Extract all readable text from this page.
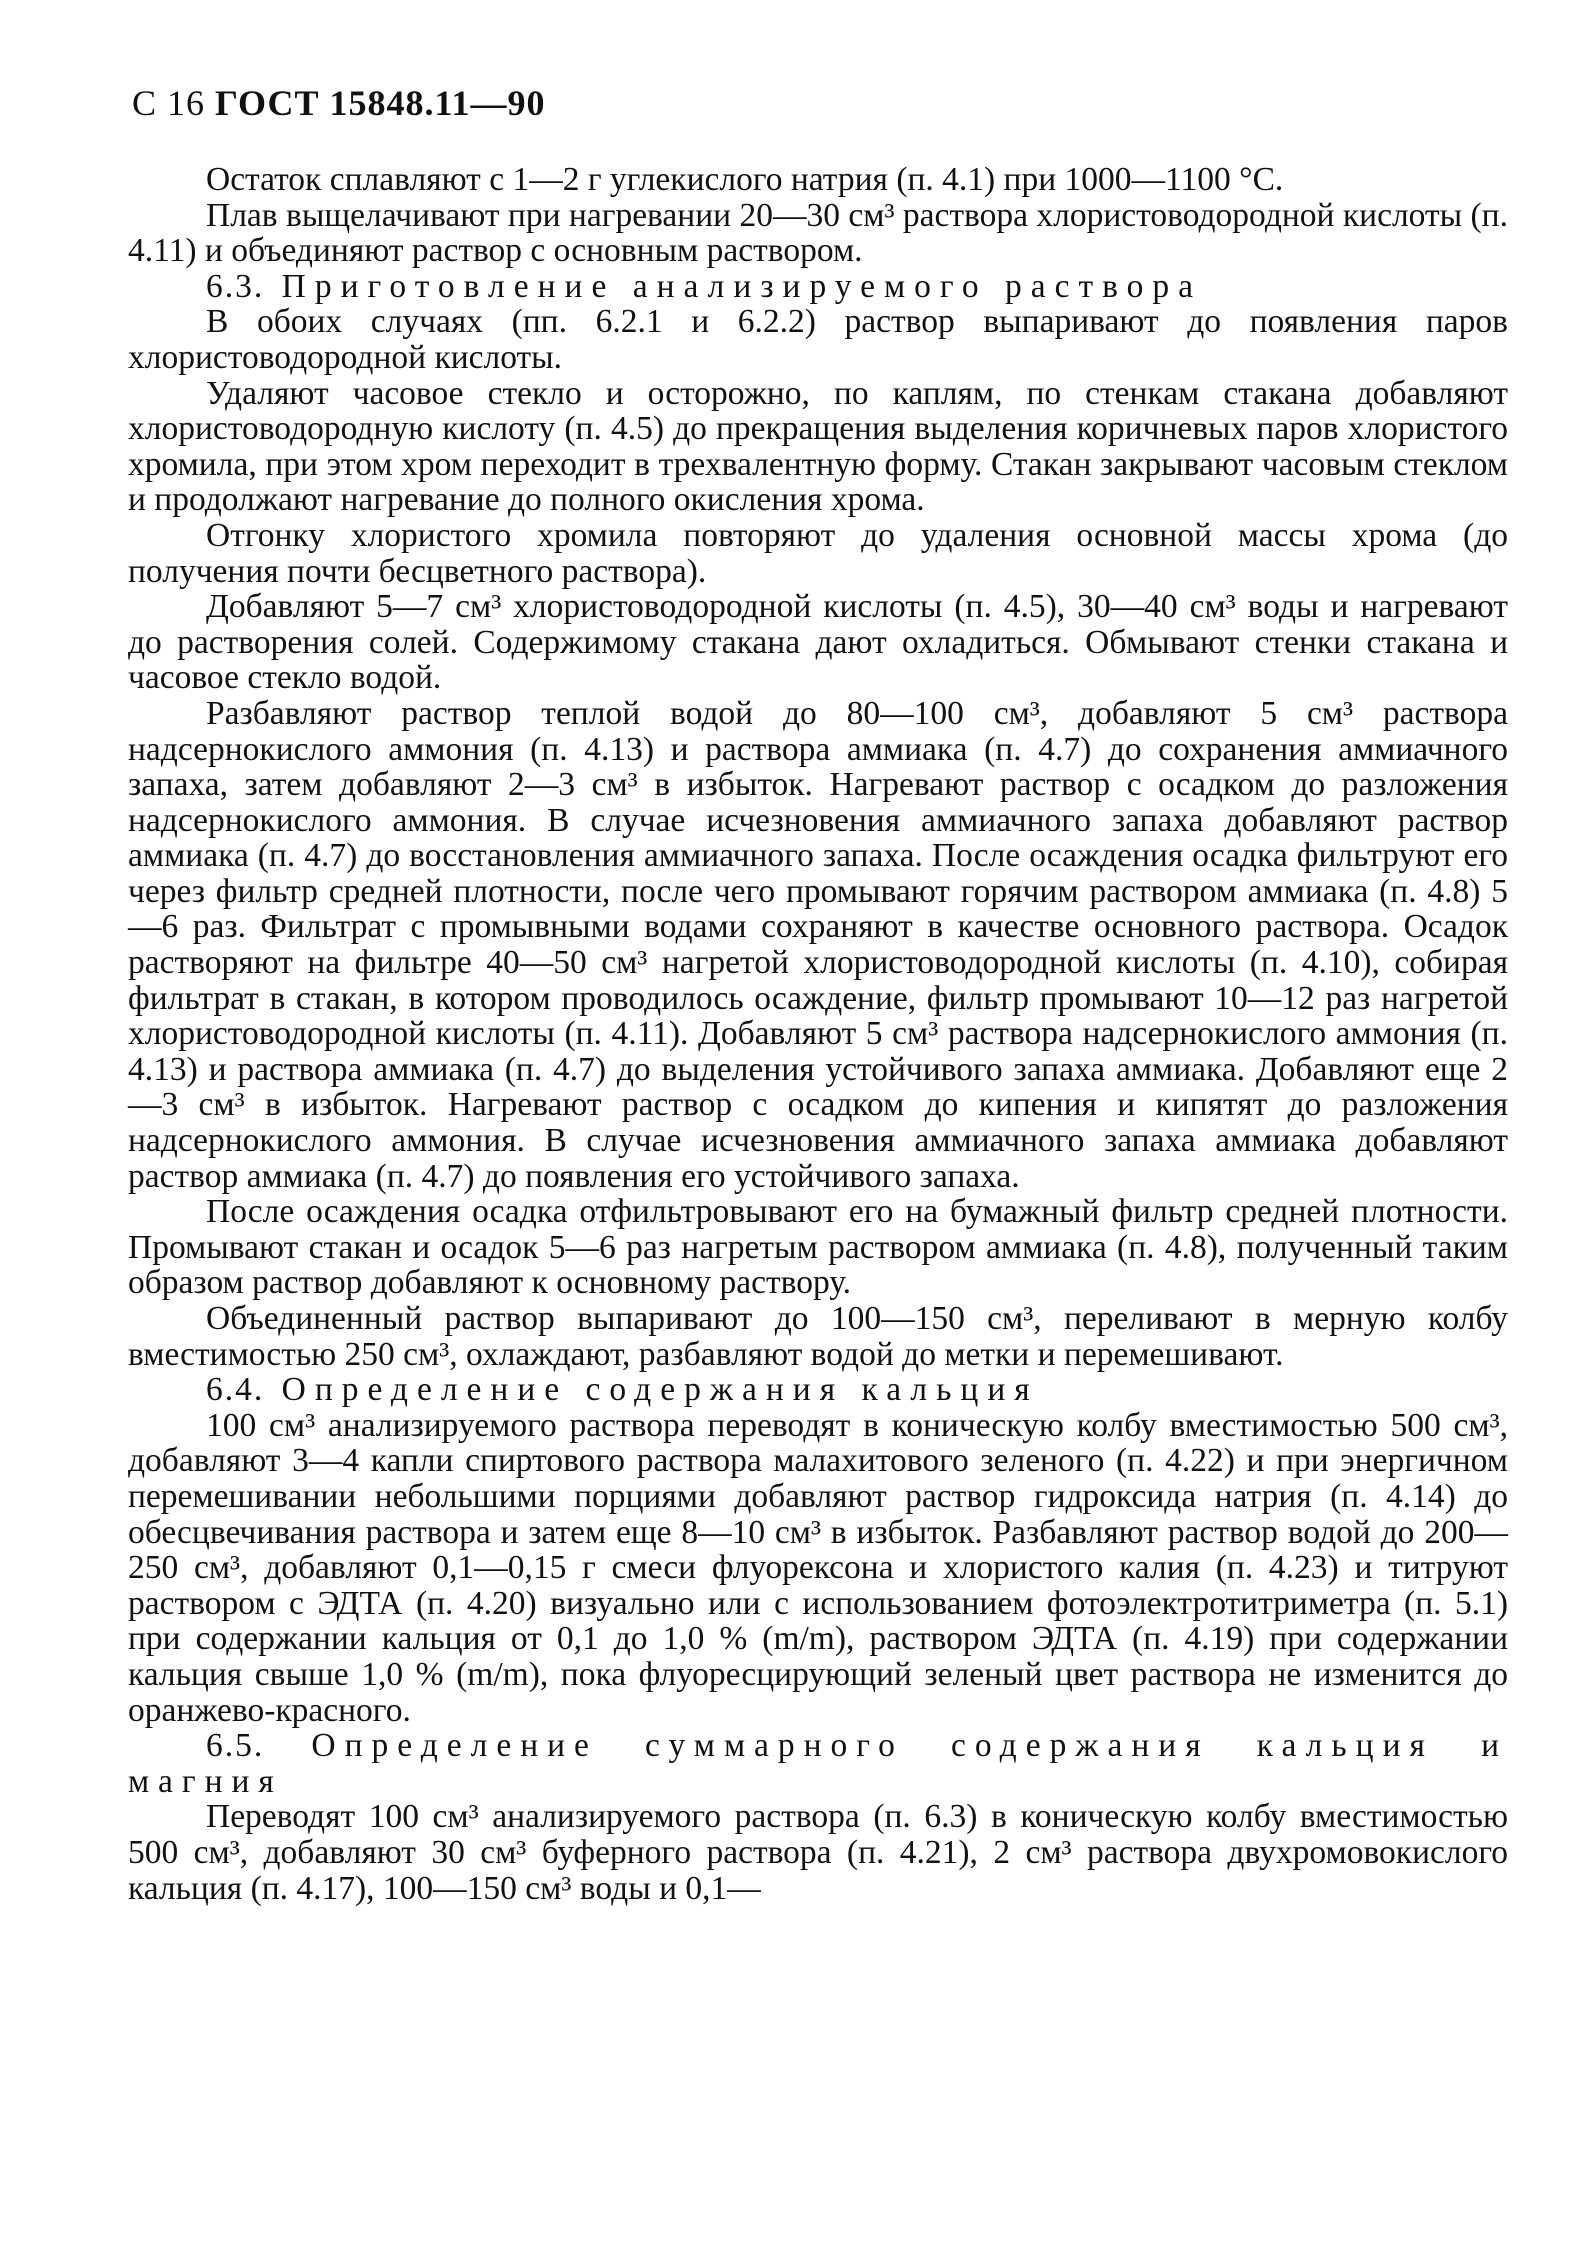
С 16 ГОСТ 15848.11—90

Остаток сплавляют с 1—2 г углекислого натрия (п. 4.1) при 1000—1100 °С.

Плав выщелачивают при нагревании 20—30 см³ раствора хлористоводородной кислоты (п. 4.11) и объединяют раствор с основным раствором.

6.3. Приготовление анализируемого раствора

В обоих случаях (пп. 6.2.1 и 6.2.2) раствор выпаривают до появления паров хлористоводородной кислоты.

Удаляют часовое стекло и осторожно, по каплям, по стенкам стакана добавляют хлористоводородную кислоту (п. 4.5) до прекращения выделения коричневых паров хлористого хромила, при этом хром переходит в трехвалентную форму. Стакан закрывают часовым стеклом и продолжают нагревание до полного окисления хрома.

Отгонку хлористого хромила повторяют до удаления основной массы хрома (до получения почти бесцветного раствора).

Добавляют 5—7 см³ хлористоводородной кислоты (п. 4.5), 30—40 см³ воды и нагревают до растворения солей. Содержимому стакана дают охладиться. Обмывают стенки стакана и часовое стекло водой.

Разбавляют раствор теплой водой до 80—100 см³, добавляют 5 см³ раствора надсернокислого аммония (п. 4.13) и раствора аммиака (п. 4.7) до сохранения аммиачного запаха, затем добавляют 2—3 см³ в избыток. Нагревают раствор с осадком до разложения надсернокислого аммония. В случае исчезновения аммиачного запаха добавляют раствор аммиака (п. 4.7) до восстановления аммиачного запаха. После осаждения осадка фильтруют его через фильтр средней плотности, после чего промывают горячим раствором аммиака (п. 4.8) 5—6 раз. Фильтрат с промывными водами сохраняют в качестве основного раствора. Осадок растворяют на фильтре 40—50 см³ нагретой хлористоводородной кислоты (п. 4.10), собирая фильтрат в стакан, в котором проводилось осаждение, фильтр промывают 10—12 раз нагретой хлористоводородной кислоты (п. 4.11). Добавляют 5 см³ раствора надсернокислого аммония (п. 4.13) и раствора аммиака (п. 4.7) до выделения устойчивого запаха аммиака. Добавляют еще 2—3 см³ в избыток. Нагревают раствор с осадком до кипения и кипятят до разложения надсернокислого аммония. В случае исчезновения аммиачного запаха аммиака добавляют раствор аммиака (п. 4.7) до появления его устойчивого запаха.

После осаждения осадка отфильтровывают его на бумажный фильтр средней плотности. Промывают стакан и осадок 5—6 раз нагретым раствором аммиака (п. 4.8), полученный таким образом раствор добавляют к основному раствору.

Объединенный раствор выпаривают до 100—150 см³, переливают в мерную колбу вместимостью 250 см³, охлаждают, разбавляют водой до метки и перемешивают.

6.4. Определение содержания кальция

100 см³ анализируемого раствора переводят в коническую колбу вместимостью 500 см³, добавляют 3—4 капли спиртового раствора малахитового зеленого (п. 4.22) и при энергичном перемешивании небольшими порциями добавляют раствор гидроксида натрия (п. 4.14) до обесцвечивания раствора и затем еще 8—10 см³ в избыток. Разбавляют раствор водой до 200—250 см³, добавляют 0,1—0,15 г смеси флуорексона и хлористого калия (п. 4.23) и титруют раствором с ЭДТА (п. 4.20) визуально или с использованием фотоэлектротитриметра (п. 5.1) при содержании кальция от 0,1 до 1,0 % (m/m), раствором ЭДТА (п. 4.19) при содержании кальция свыше 1,0 % (m/m), пока флуоресцирующий зеленый цвет раствора не изменится до оранжево-красного.

6.5. Определение суммарного содержания кальция и магния

Переводят 100 см³ анализируемого раствора (п. 6.3) в коническую колбу вместимостью 500 см³, добавляют 30 см³ буферного раствора (п. 4.21), 2 см³ раствора двухромовокислого кальция (п. 4.17), 100—150 см³ воды и 0,1—
